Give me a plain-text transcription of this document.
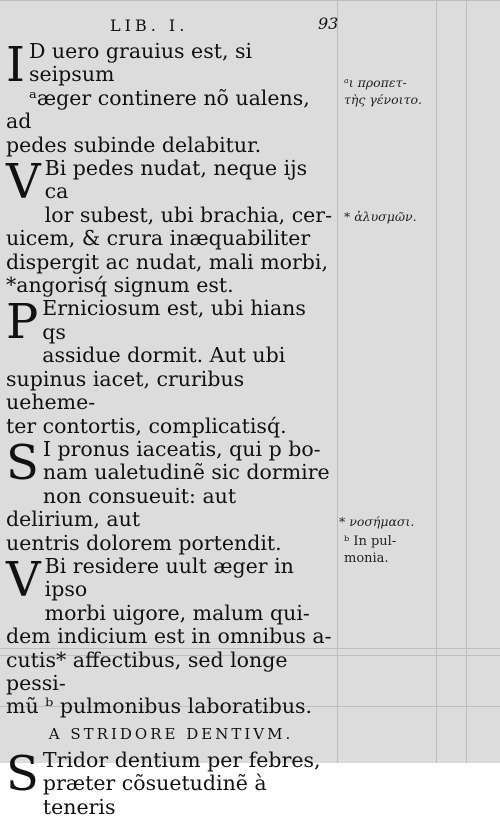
LIB. I.	93
I D uero grauius est, si seipsum

ᵃæger continere nõ ualens, ad

pedes subinde delabitur.

V Bi pedes nudat, neque ijs ca

lor subest, ubi brachia, cer-

uicem, & crura inæquabiliter

dispergit ac nudat, mali morbi,

*angorisq́ signum est.

P Erniciosum est, ubi hians qs

assidue dormit. Aut ubi

supinus iacet, cruribus ueheme-

ter contortis, complicatisq́.

S I pronus iaceatis, qui p bo-

nam ualetudinẽ sic dormire

non consueuit: aut delirium, aut

uentris dolorem portendit.

V Bi residere uult æger in ipso

morbi uigore, malum qui-

dem indicium est in omnibus a-

cutis* affectibus, sed longe pessi-

mũ ᵇ pulmonibus laboratibus.

A STRIDORE DENTIVM.
S Tridor dentium per febres,

præter cõsuetudinẽ à teneris

ᵃι προπετ-
τὴς γένοιτο.
* ἀλυσμῶν.
* νοσήμασι.
ᵇ In pul-
monia.
